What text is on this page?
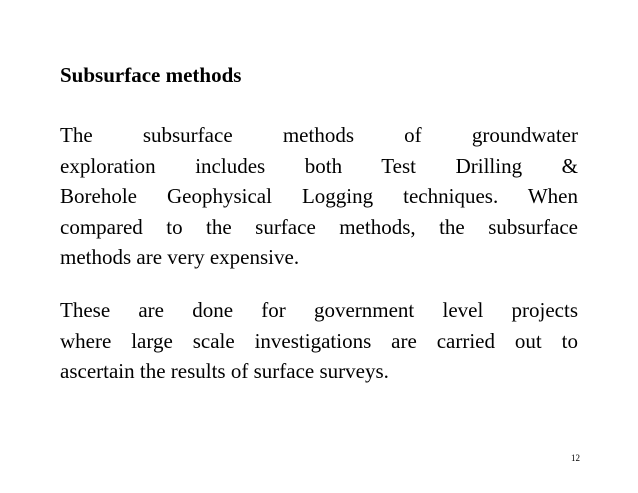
Subsurface methods
The subsurface methods of groundwater
exploration includes both Test Drilling &
Borehole Geophysical Logging techniques. When
compared to the surface methods, the subsurface
methods are very expensive.
These are done for government level projects
where large scale investigations are carried out to
ascertain the results of surface surveys.
12
